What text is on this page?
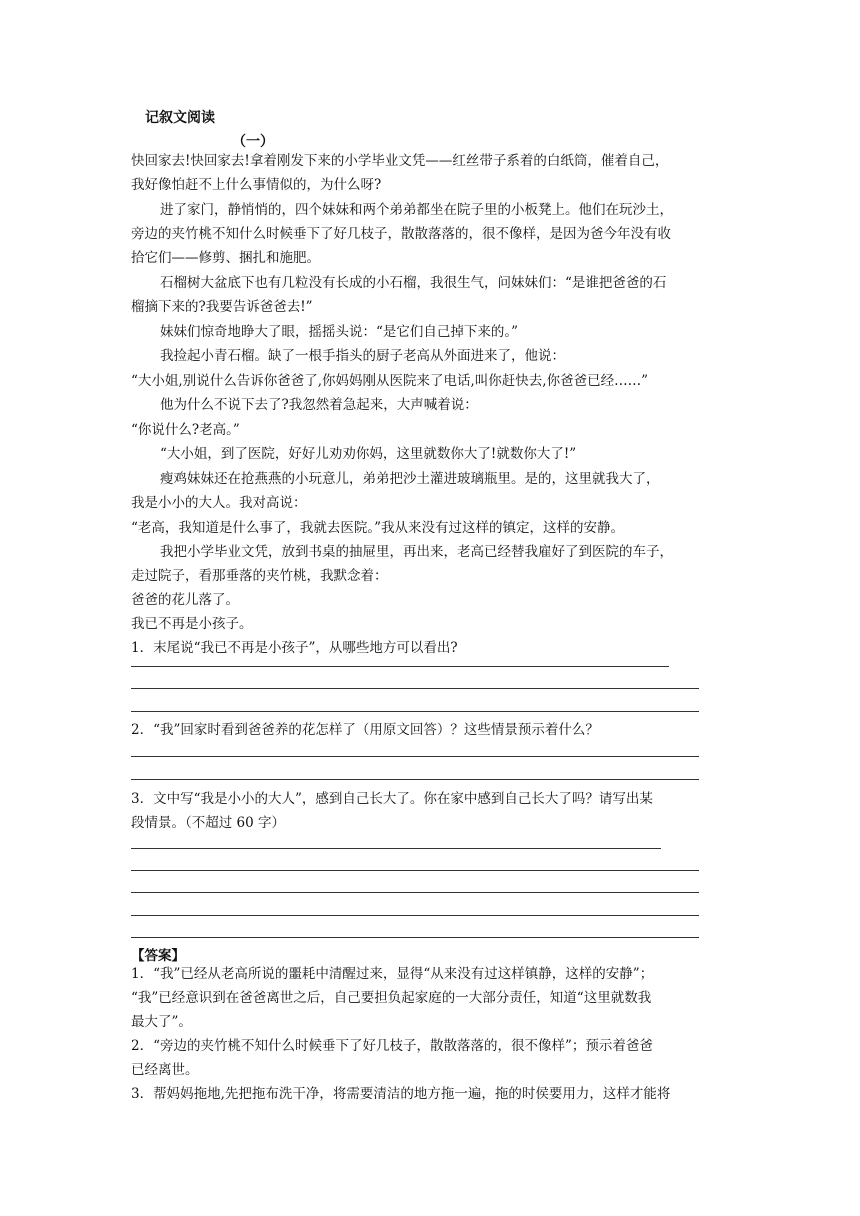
记叙文阅读
（一）
快回家去!快回家去!拿着刚发下来的小学毕业文凭——红丝带子系着的白纸筒，催着自己，
我好像怕赶不上什么事情似的，为什么呀?
进了家门，静悄悄的，四个妹妹和两个弟弟都坐在院子里的小板凳上。他们在玩沙土，
旁边的夹竹桃不知什么时候垂下了好几枝子，散散落落的，很不像样，是因为爸今年没有收
拾它们——修剪、捆扎和施肥。
石榴树大盆底下也有几粒没有长成的小石榴，我很生气，问妹妹们：“是谁把爸爸的石
榴摘下来的?我要告诉爸爸去!”
妹妹们惊奇地睁大了眼，摇摇头说：“是它们自己掉下来的。”
我捡起小青石榴。缺了一根手指头的厨子老高从外面进来了，他说：
“大小姐,别说什么告诉你爸爸了,你妈妈刚从医院来了电话,叫你赶快去,你爸爸已经……”
他为什么不说下去了?我忽然着急起来，大声喊着说：
“你说什么?老高。”
“大小姐，到了医院，好好儿劝劝你妈，这里就数你大了!就数你大了!”
瘦鸡妹妹还在抢燕燕的小玩意儿，弟弟把沙土灌进玻璃瓶里。是的，这里就我大了，
我是小小的大人。我对高说：
“老高，我知道是什么事了，我就去医院。”我从来没有过这样的镇定，这样的安静。
我把小学毕业文凭，放到书桌的抽屉里，再出来，老高已经替我雇好了到医院的车子，
走过院子，看那垂落的夹竹桃，我默念着：
爸爸的花儿落了。
我已不再是小孩子。
1．末尾说“我已不再是小孩子”，从哪些地方可以看出?
2．“我”回家时看到爸爸养的花怎样了（用原文回答）？这些情景预示着什么？
3．文中写“我是小小的大人”，感到自己长大了。你在家中感到自己长大了吗？请写出某
段情景。（不超过 60 字）
【答案】
1．“我”已经从老高所说的噩耗中清醒过来，显得“从来没有过这样镇静，这样的安静”；
“我”已经意识到在爸爸离世之后，自己要担负起家庭的一大部分责任，知道“这里就数我
最大了”。
2．“旁边的夹竹桃不知什么时候垂下了好几枝子，散散落落的，很不像样”；预示着爸爸
已经离世。
3．帮妈妈拖地,先把拖布洗干净，将需要清洁的地方拖一遍，拖的时侯要用力，这样才能将
